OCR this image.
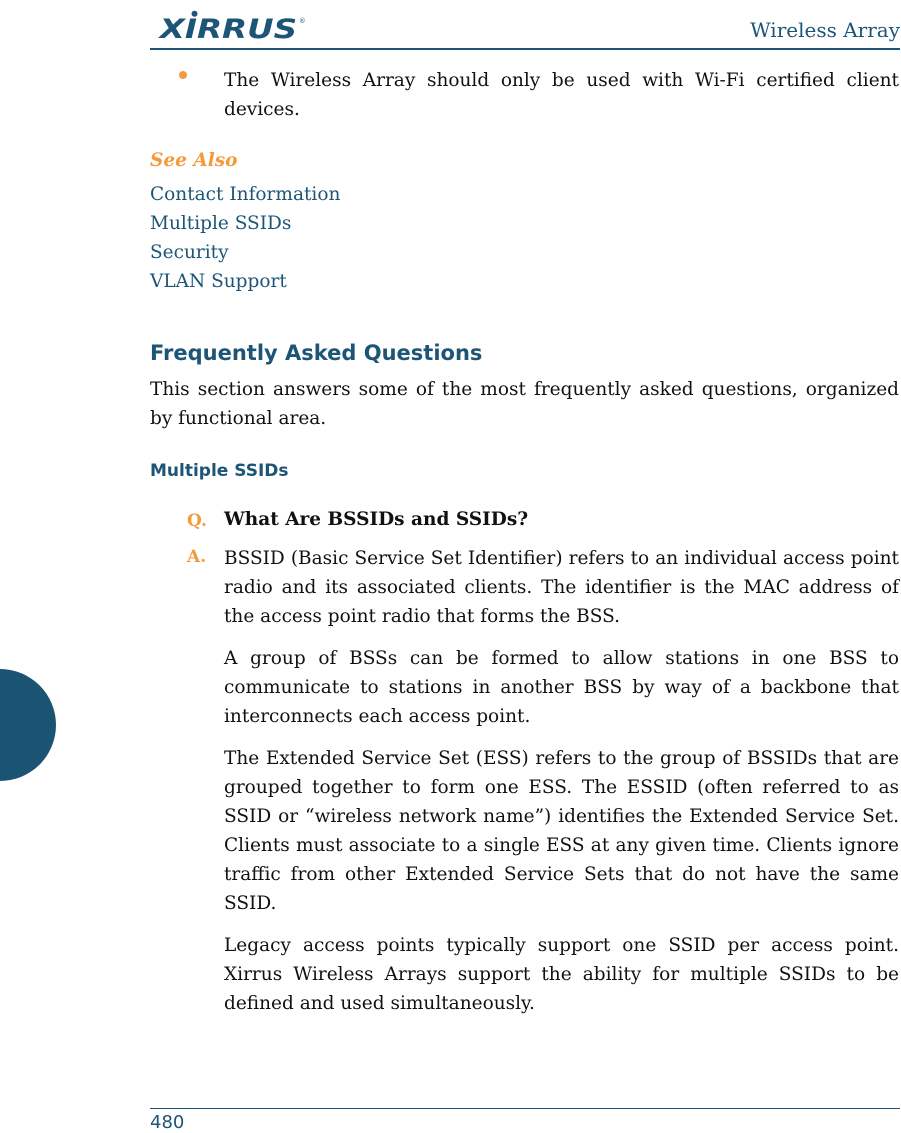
XIRRUS ®	Wireless Array
The Wireless Array should only be used with Wi-Fi certified client devices.
See Also
Contact Information
Multiple SSIDs
Security
VLAN Support
Frequently Asked Questions
This section answers some of the most frequently asked questions, organized by functional area.
Multiple SSIDs
Q. What Are BSSIDs and SSIDs?
A. BSSID (Basic Service Set Identifier) refers to an individual access point radio and its associated clients. The identifier is the MAC address of the access point radio that forms the BSS.

A group of BSSs can be formed to allow stations in one BSS to communicate to stations in another BSS by way of a backbone that interconnects each access point.

The Extended Service Set (ESS) refers to the group of BSSIDs that are grouped together to form one ESS. The ESSID (often referred to as SSID or “wireless network name”) identifies the Extended Service Set. Clients must associate to a single ESS at any given time. Clients ignore traffic from other Extended Service Sets that do not have the same SSID.

Legacy access points typically support one SSID per access point. Xirrus Wireless Arrays support the ability for multiple SSIDs to be defined and used simultaneously.

480
